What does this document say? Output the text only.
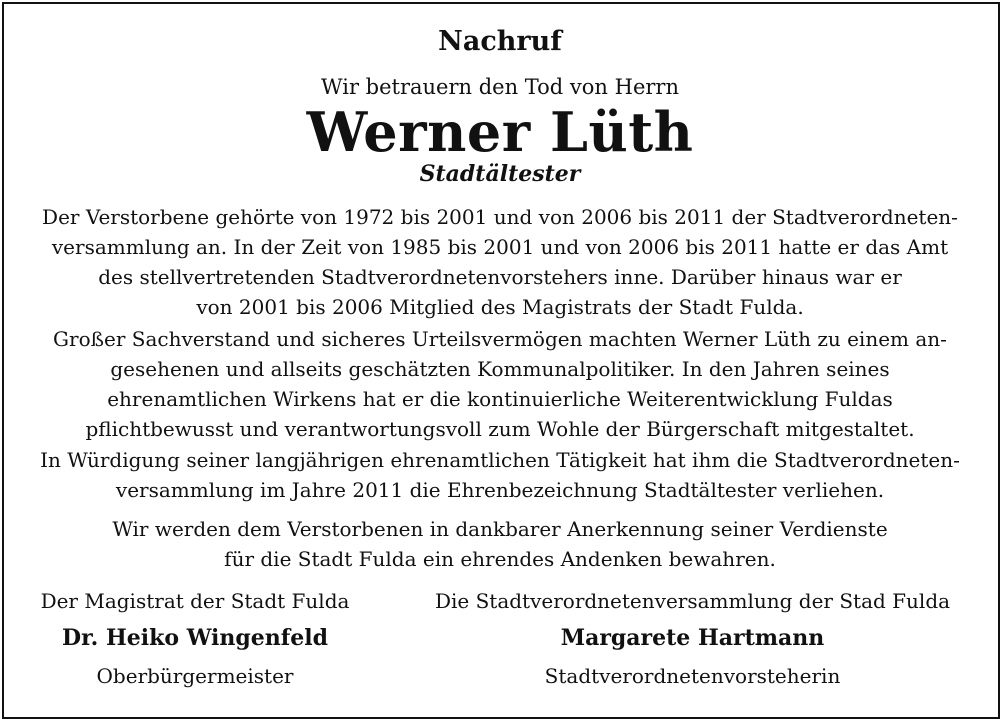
Nachruf
Wir betrauern den Tod von Herrn
Werner Lüth
Stadtältester
Der Verstorbene gehörte von 1972 bis 2001 und von 2006 bis 2011 der Stadtverordneten-
versammlung an. In der Zeit von 1985 bis 2001 und von 2006 bis 2011 hatte er das Amt
des stellvertretenden Stadtverordnetenvorstehers inne. Darüber hinaus war er
von 2001 bis 2006 Mitglied des Magistrats der Stadt Fulda.
Großer Sachverstand und sicheres Urteilsvermögen machten Werner Lüth zu einem an-
gesehenen und allseits geschätzten Kommunalpolitiker. In den Jahren seines
ehrenamtlichen Wirkens hat er die kontinuierliche Weiterentwicklung Fuldas
pflichtbewusst und verantwortungsvoll zum Wohle der Bürgerschaft mitgestaltet.
In Würdigung seiner langjährigen ehrenamtlichen Tätigkeit hat ihm die Stadtverordneten-
versammlung im Jahre 2011 die Ehrenbezeichnung Stadtältester verliehen.
Wir werden dem Verstorbenen in dankbarer Anerkennung seiner Verdienste
für die Stadt Fulda ein ehrendes Andenken bewahren.
Der Magistrat der Stadt Fulda
Dr. Heiko Wingenfeld
Oberbürgermeister
Die Stadtverordnetenversammlung der Stad Fulda
Margarete Hartmann
Stadtverordnetenvorsteherin
